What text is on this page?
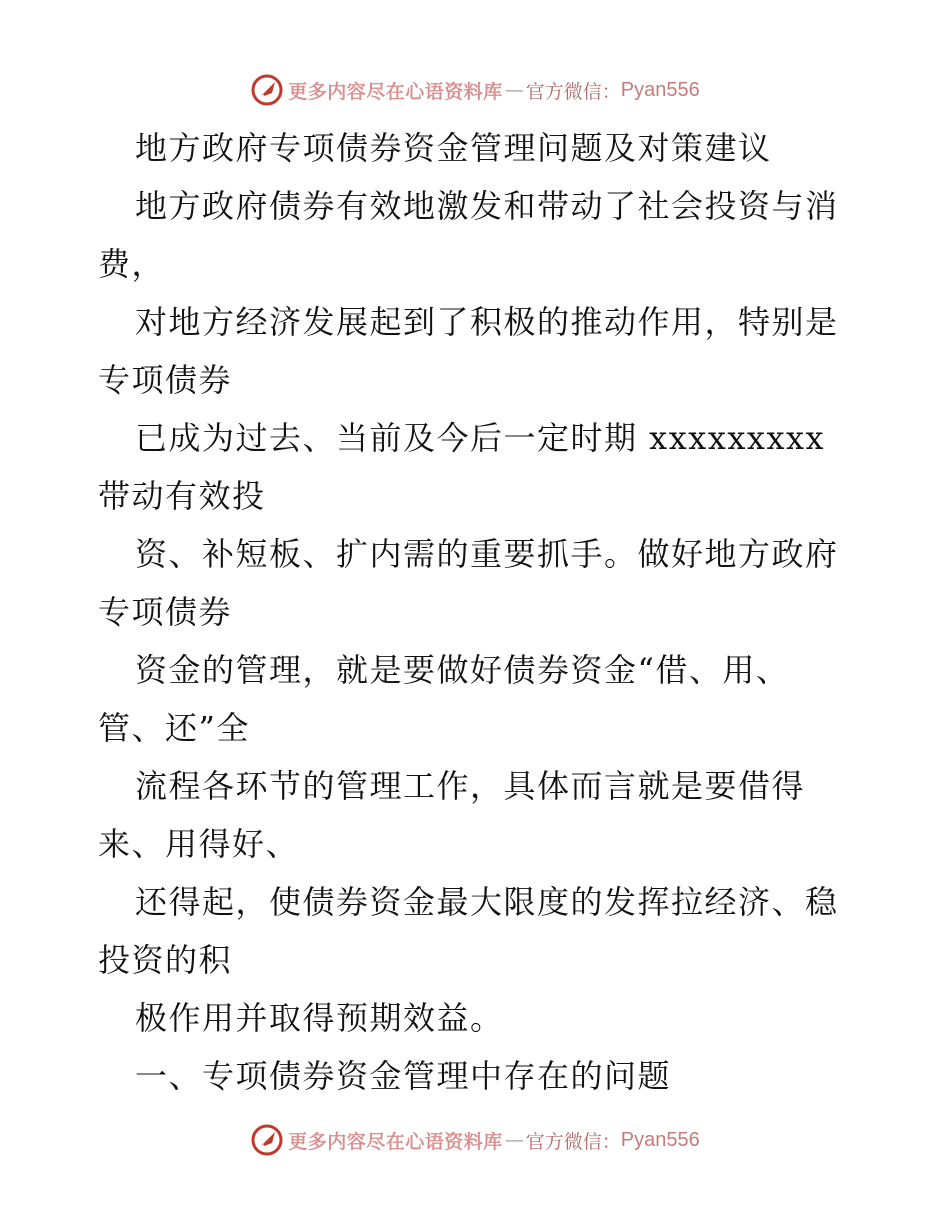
更多内容尽在心语资料库 — 官方微信： Pyan556
地方政府专项债券资金管理问题及对策建议
地方政府债券有效地激发和带动了社会投资与消
费，
对地方经济发展起到了积极的推动作用，特别是
专项债券
已成为过去、当前及今后一定时期 xxxxxxxxx
带动有效投
资、补短板、扩内需的重要抓手。做好地方政府
专项债券
资金的管理，就是要做好债券资金“借、用、
管、还”全
流程各环节的管理工作，具体而言就是要借得
来、用得好、
还得起，使债券资金最大限度的发挥拉经济、稳
投资的积
极作用并取得预期效益。
一、专项债券资金管理中存在的问题
更多内容尽在心语资料库 — 官方微信： Pyan556
